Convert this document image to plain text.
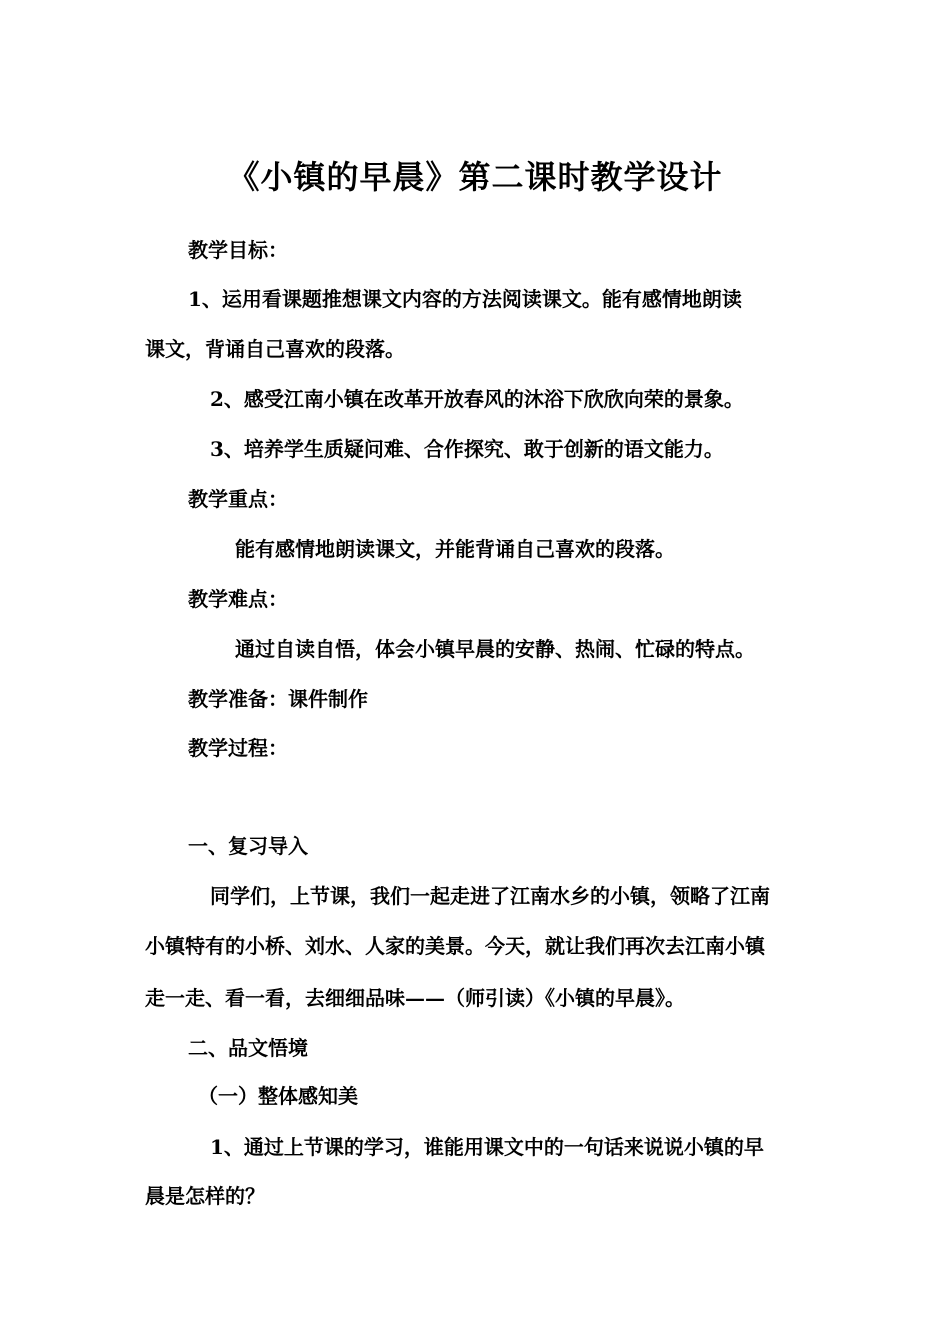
《小镇的早晨》第二课时教学设计

教学目标：

1、运用看课题推想课文内容的方法阅读课文。能有感情地朗读

课文，背诵自己喜欢的段落。

2、感受江南小镇在改革开放春风的沐浴下欣欣向荣的景象。

3、培养学生质疑问难、合作探究、敢于创新的语文能力。

教学重点：

能有感情地朗读课文，并能背诵自己喜欢的段落。

教学难点：

通过自读自悟，体会小镇早晨的安静、热闹、忙碌的特点。

教学准备：课件制作

教学过程：

一、复习导入

同学们，上节课，我们一起走进了江南水乡的小镇，领略了江南

小镇特有的小桥、刘水、人家的美景。今天，就让我们再次去江南小镇

走一走、看一看，去细细品味——（师引读）《小镇的早晨》。

二、品文悟境

（一）整体感知美

1、通过上节课的学习，谁能用课文中的一句话来说说小镇的早

晨是怎样的？
